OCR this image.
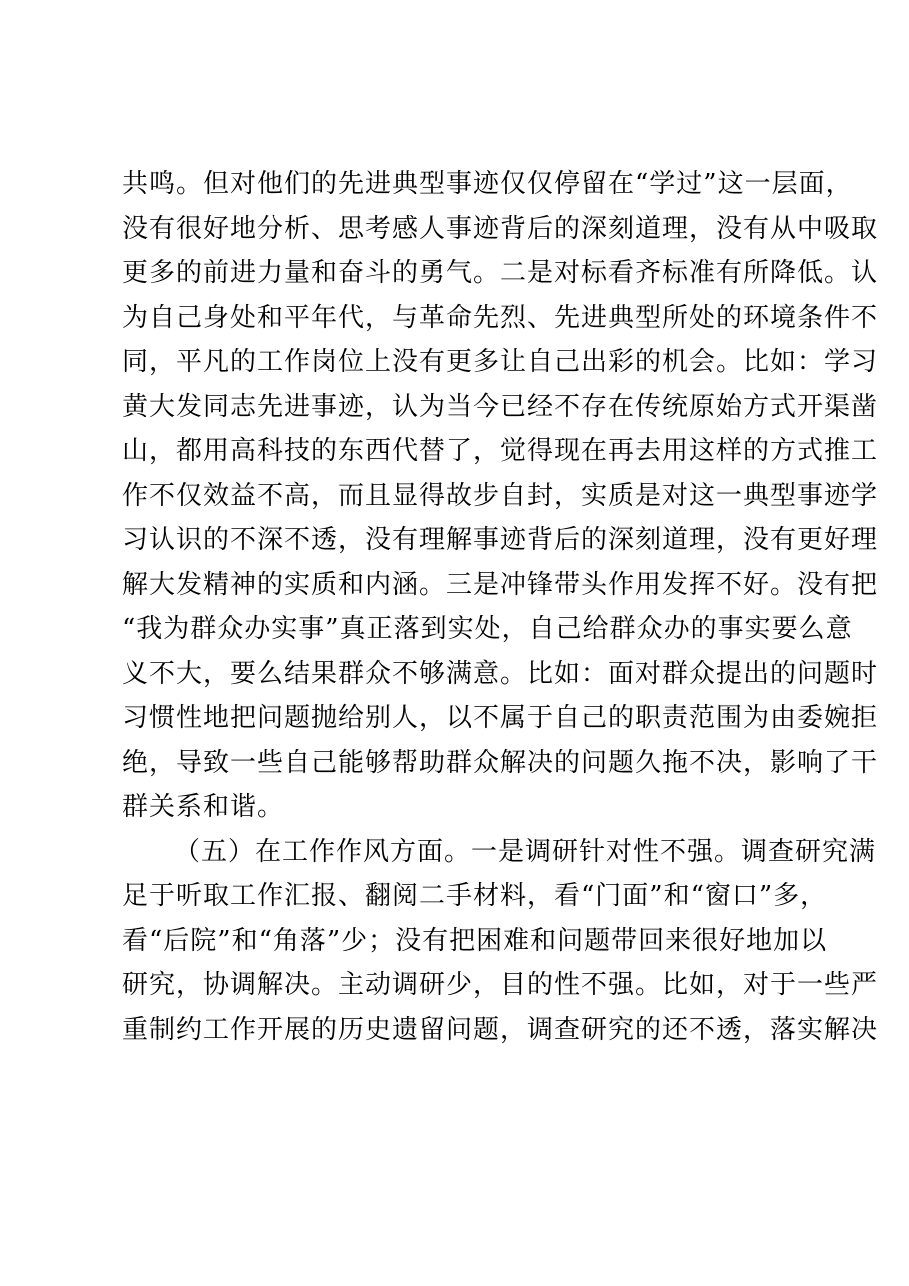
共鸣。但对他们的先进典型事迹仅仅停留在“学过”这一层面，
没有很好地分析、思考感人事迹背后的深刻道理，没有从中吸取
更多的前进力量和奋斗的勇气。二是对标看齐标准有所降低。认
为自己身处和平年代，与革命先烈、先进典型所处的环境条件不
同，平凡的工作岗位上没有更多让自己出彩的机会。比如：学习
黄大发同志先进事迹，认为当今已经不存在传统原始方式开渠凿
山，都用高科技的东西代替了，觉得现在再去用这样的方式推工
作不仅效益不高，而且显得故步自封，实质是对这一典型事迹学
习认识的不深不透，没有理解事迹背后的深刻道理，没有更好理
解大发精神的实质和内涵。三是冲锋带头作用发挥不好。没有把
“我为群众办实事”真正落到实处，自己给群众办的事实要么意
义不大，要么结果群众不够满意。比如：面对群众提出的问题时
习惯性地把问题抛给别人，以不属于自己的职责范围为由委婉拒
绝，导致一些自己能够帮助群众解决的问题久拖不决，影响了干
群关系和谐。
（五）在工作作风方面。一是调研针对性不强。调查研究满
足于听取工作汇报、翻阅二手材料，看“门面”和“窗口”多，
看“后院”和“角落”少；没有把困难和问题带回来很好地加以
研究，协调解决。主动调研少，目的性不强。比如，对于一些严
重制约工作开展的历史遗留问题，调查研究的还不透，落实解决
